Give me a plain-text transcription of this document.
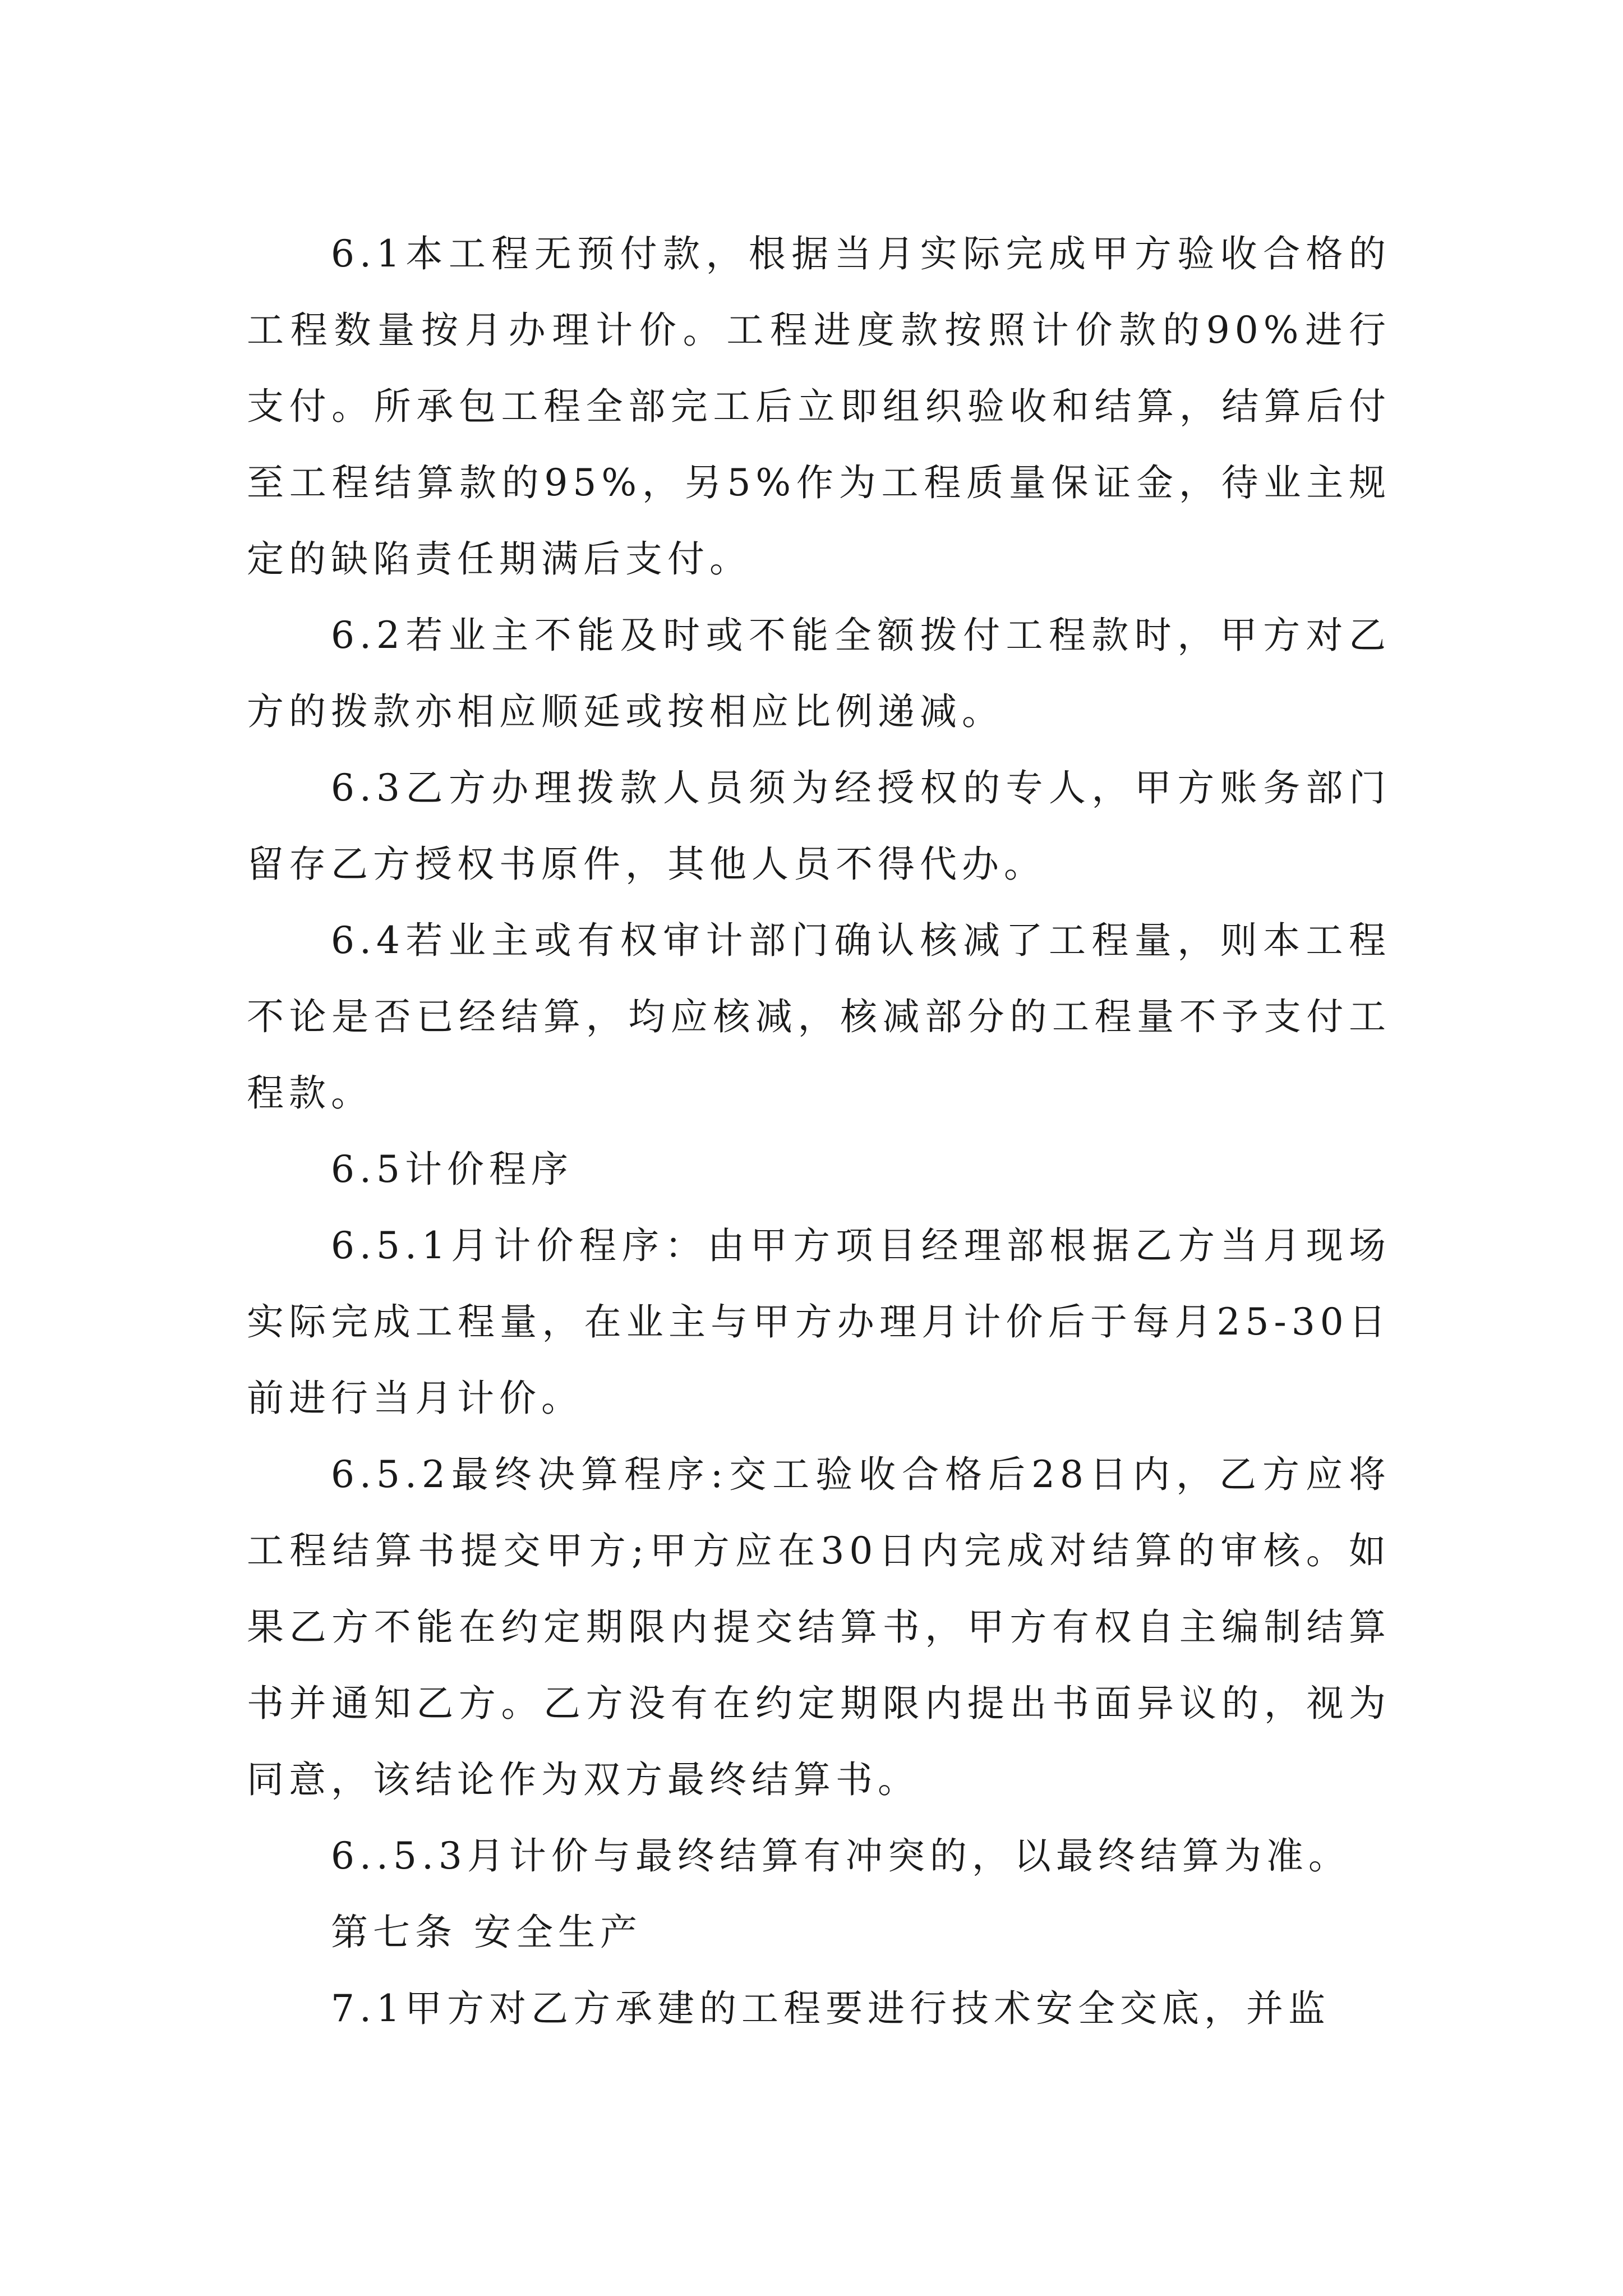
6.1本工程无预付款，根据当月实际完成甲方验收合格的工程数量按月办理计价。工程进度款按照计价款的90%进行支付。所承包工程全部完工后立即组织验收和结算，结算后付至工程结算款的95%，另5%作为工程质量保证金，待业主规定的缺陷责任期满后支付。

6.2若业主不能及时或不能全额拨付工程款时，甲方对乙方的拨款亦相应顺延或按相应比例递减。

6.3乙方办理拨款人员须为经授权的专人，甲方账务部门留存乙方授权书原件，其他人员不得代办。

6.4若业主或有权审计部门确认核减了工程量，则本工程不论是否已经结算，均应核减，核减部分的工程量不予支付工程款。

6.5计价程序

6.5.1月计价程序：由甲方项目经理部根据乙方当月现场实际完成工程量，在业主与甲方办理月计价后于每月25-30日前进行当月计价。

6.5.2最终决算程序:交工验收合格后28日内，乙方应将工程结算书提交甲方;甲方应在30日内完成对结算的审核。如果乙方不能在约定期限内提交结算书，甲方有权自主编制结算书并通知乙方。乙方没有在约定期限内提出书面异议的，视为同意，该结论作为双方最终结算书。

6..5.3月计价与最终结算有冲突的，以最终结算为准。

第七条 安全生产

7.1甲方对乙方承建的工程要进行技术安全交底，并监
